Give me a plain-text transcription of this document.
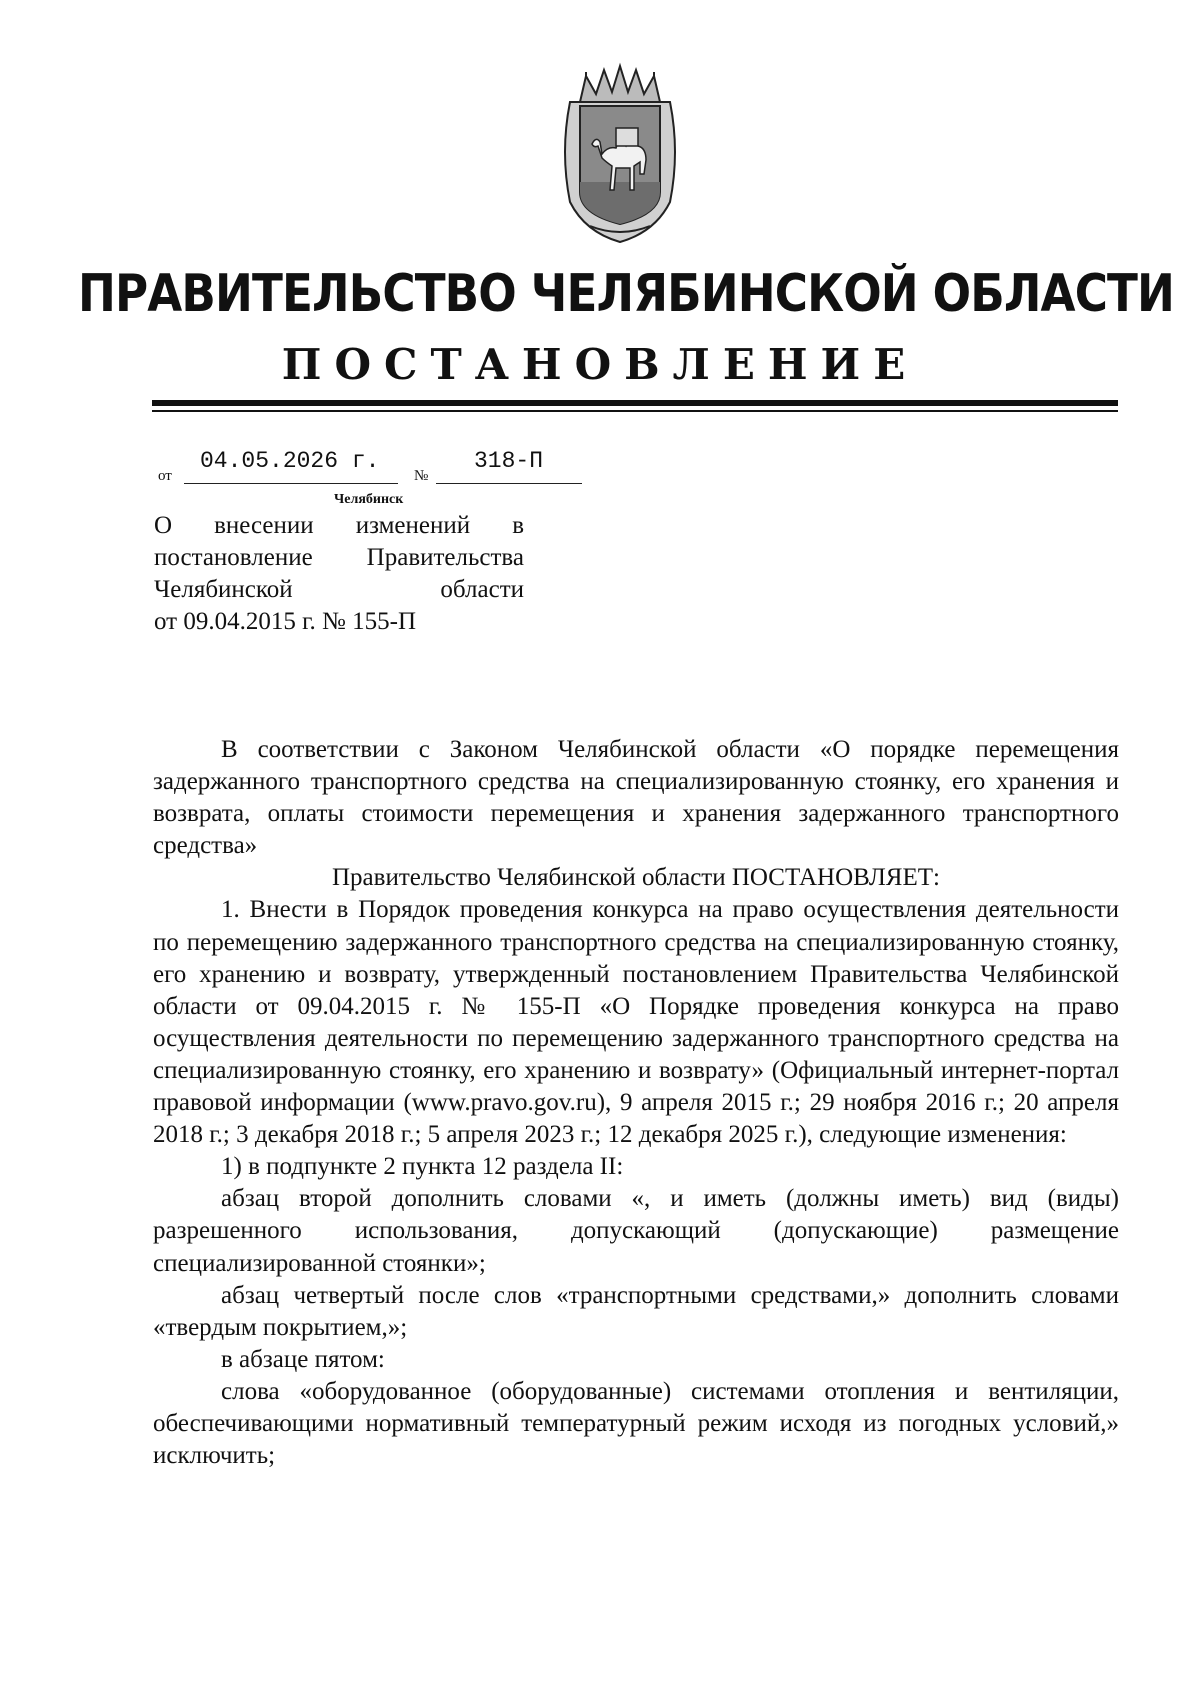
ПРАВИТЕЛЬСТВО ЧЕЛЯБИНСКОЙ ОБЛАСТИ
ПОСТАНОВЛЕНИЕ
от
04.05.2026 г.
№
318-П
Челябинск
О внесении изменений в
постановление Правительства
Челябинской области
от 09.04.2015 г. № 155-П

В соответствии с Законом Челябинской области «О порядке перемещения задержанного транспортного средства на специализированную стоянку, его хранения и возврата, оплаты стоимости перемещения и хранения задержанного транспортного средства»

Правительство Челябинской области ПОСТАНОВЛЯЕТ:

1. Внести в Порядок проведения конкурса на право осуществления деятельности по перемещению задержанного транспортного средства на специализированную стоянку, его хранению и возврату, утвержденный постановлением Правительства Челябинской области от 09.04.2015 г. № 155-П «О Порядке проведения конкурса на право осуществления деятельности по перемещению задержанного транспортного средства на специализированную стоянку, его хранению и возврату» (Официальный интернет-портал правовой информации (www.pravo.gov.ru), 9 апреля 2015 г.; 29 ноября 2016 г.; 20 апреля 2018 г.; 3 декабря 2018 г.; 5 апреля 2023 г.; 12 декабря 2025 г.), следующие изменения:

1) в подпункте 2 пункта 12 раздела II:

абзац второй дополнить словами «, и иметь (должны иметь) вид (виды) разрешенного использования, допускающий (допускающие) размещение специализированной стоянки»;

абзац четвертый после слов «транспортными средствами,» дополнить словами «твердым покрытием,»;

в абзаце пятом:

слова «оборудованное (оборудованные) системами отопления и вентиляции, обеспечивающими нормативный температурный режим исходя из погодных условий,» исключить;
